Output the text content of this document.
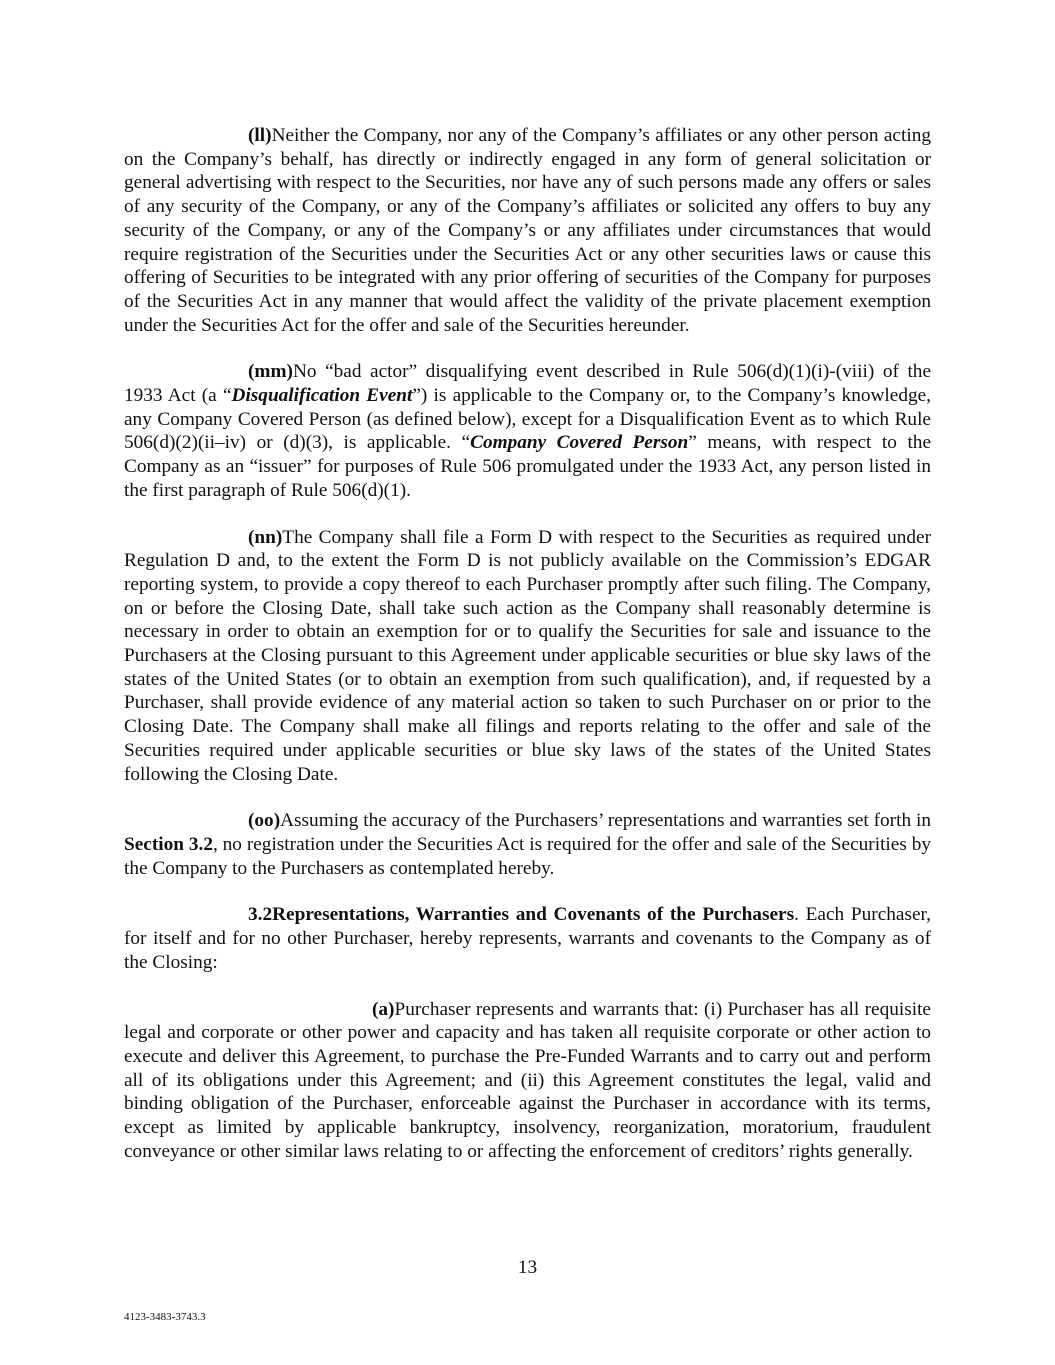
(ll)Neither the Company, nor any of the Company’s affiliates or any other person acting on the Company’s behalf, has directly or indirectly engaged in any form of general solicitation or general advertising with respect to the Securities, nor have any of such persons made any offers or sales of any security of the Company, or any of the Company’s affiliates or solicited any offers to buy any security of the Company, or any of the Company’s or any affiliates under circumstances that would require registration of the Securities under the Securities Act or any other securities laws or cause this offering of Securities to be integrated with any prior offering of securities of the Company for purposes of the Securities Act in any manner that would affect the validity of the private placement exemption under the Securities Act for the offer and sale of the Securities hereunder.

(mm)No “bad actor” disqualifying event described in Rule 506(d)(1)(i)-(viii) of the 1933 Act (a “Disqualification Event”) is applicable to the Company or, to the Company’s knowledge, any Company Covered Person (as defined below), except for a Disqualification Event as to which Rule 506(d)(2)(ii–iv) or (d)(3), is applicable. “Company Covered Person” means, with respect to the Company as an “issuer” for purposes of Rule 506 promulgated under the 1933 Act, any person listed in the first paragraph of Rule 506(d)(1).

(nn)The Company shall file a Form D with respect to the Securities as required under Regulation D and, to the extent the Form D is not publicly available on the Commission’s EDGAR reporting system, to provide a copy thereof to each Purchaser promptly after such filing. The Company, on or before the Closing Date, shall take such action as the Company shall reasonably determine is necessary in order to obtain an exemption for or to qualify the Securities for sale and issuance to the Purchasers at the Closing pursuant to this Agreement under applicable securities or blue sky laws of the states of the United States (or to obtain an exemption from such qualification), and, if requested by a Purchaser, shall provide evidence of any material action so taken to such Purchaser on or prior to the Closing Date. The Company shall make all filings and reports relating to the offer and sale of the Securities required under applicable securities or blue sky laws of the states of the United States following the Closing Date.

(oo)Assuming the accuracy of the Purchasers’ representations and warranties set forth in Section 3.2, no registration under the Securities Act is required for the offer and sale of the Securities by the Company to the Purchasers as contemplated hereby.

3.2Representations, Warranties and Covenants of the Purchasers. Each Purchaser, for itself and for no other Purchaser, hereby represents, warrants and covenants to the Company as of the Closing:

(a)Purchaser represents and warrants that: (i) Purchaser has all requisite legal and corporate or other power and capacity and has taken all requisite corporate or other action to execute and deliver this Agreement, to purchase the Pre-Funded Warrants and to carry out and perform all of its obligations under this Agreement; and (ii) this Agreement constitutes the legal, valid and binding obligation of the Purchaser, enforceable against the Purchaser in accordance with its terms, except as limited by applicable bankruptcy, insolvency, reorganization, moratorium, fraudulent conveyance or other similar laws relating to or affecting the enforcement of creditors’ rights generally.

13
4123-3483-3743.3
